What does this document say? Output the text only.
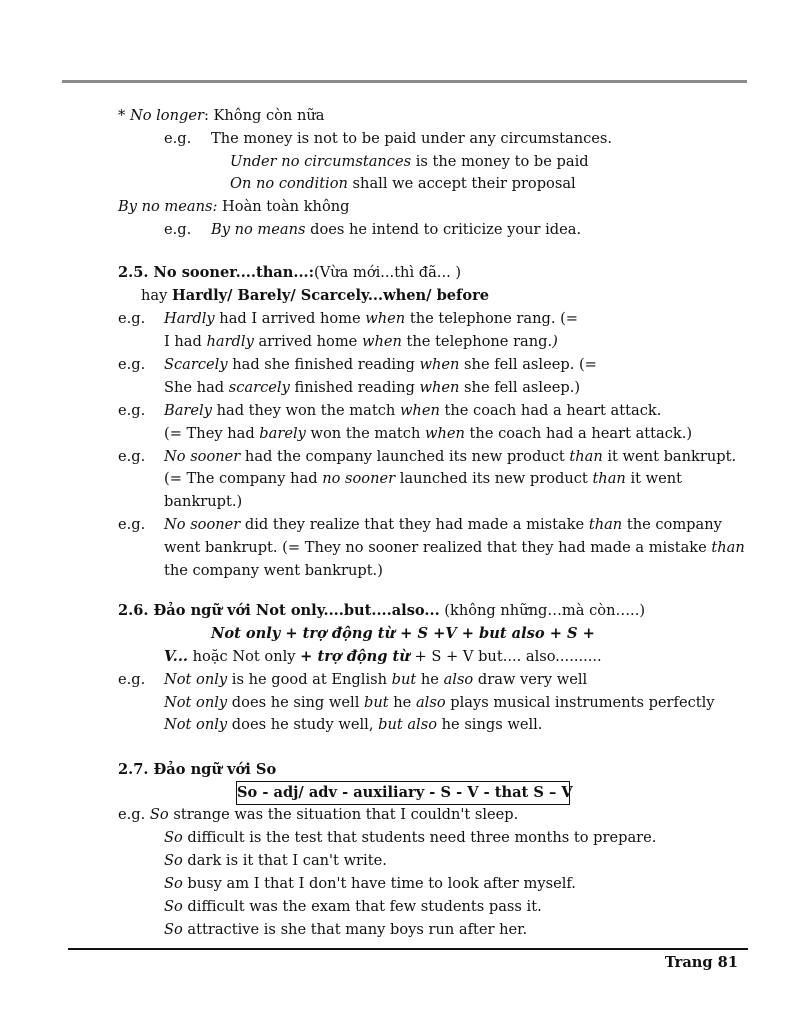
* No longer: Không còn nữa
e.g. The money is not to be paid under any circumstances.
Under no circumstances is the money to be paid
On no condition shall we accept their proposal
By no means: Hoàn toàn không
e.g. By no means does he intend to criticize your idea.
2.5. No sooner....than...:(Vừa mới...thì đã... )
hay Hardly/ Barely/ Scarcely...when/ before
e.g. Hardly had I arrived home when the telephone rang. (=
I had hardly arrived home when the telephone rang.)
e.g. Scarcely had she finished reading when she fell asleep. (=
She had scarcely finished reading when she fell asleep.)
e.g. Barely had they won the match when the coach had a heart attack.
(= They had barely won the match when the coach had a heart attack.)
e.g. No sooner had the company launched its new product than it went bankrupt.
(= The company had no sooner launched its new product than it went
bankrupt.)
e.g. No sooner did they realize that they had made a mistake than the company
went bankrupt. (= They no sooner realized that they had made a mistake than
the company went bankrupt.)
2.6. Đảo ngữ với Not only....but....also... (không những…mà còn…..)
Not only + trợ động từ + S +V + but also + S +
V... hoặc Not only + trợ động từ + S + V but.... also..........
e.g. Not only is he good at English but he also draw very well
Not only does he sing well but he also plays musical instruments perfectly
Not only does he study well, but also he sings well.
2.7. Đảo ngữ với So
So - adj/ adv - auxiliary - S - V - that S – V
e.g. So strange was the situation that I couldn't sleep.
So difficult is the test that students need three months to prepare.
So dark is it that I can't write.
So busy am I that I don't have time to look after myself.
So difficult was the exam that few students pass it.
So attractive is she that many boys run after her.
Trang 81
